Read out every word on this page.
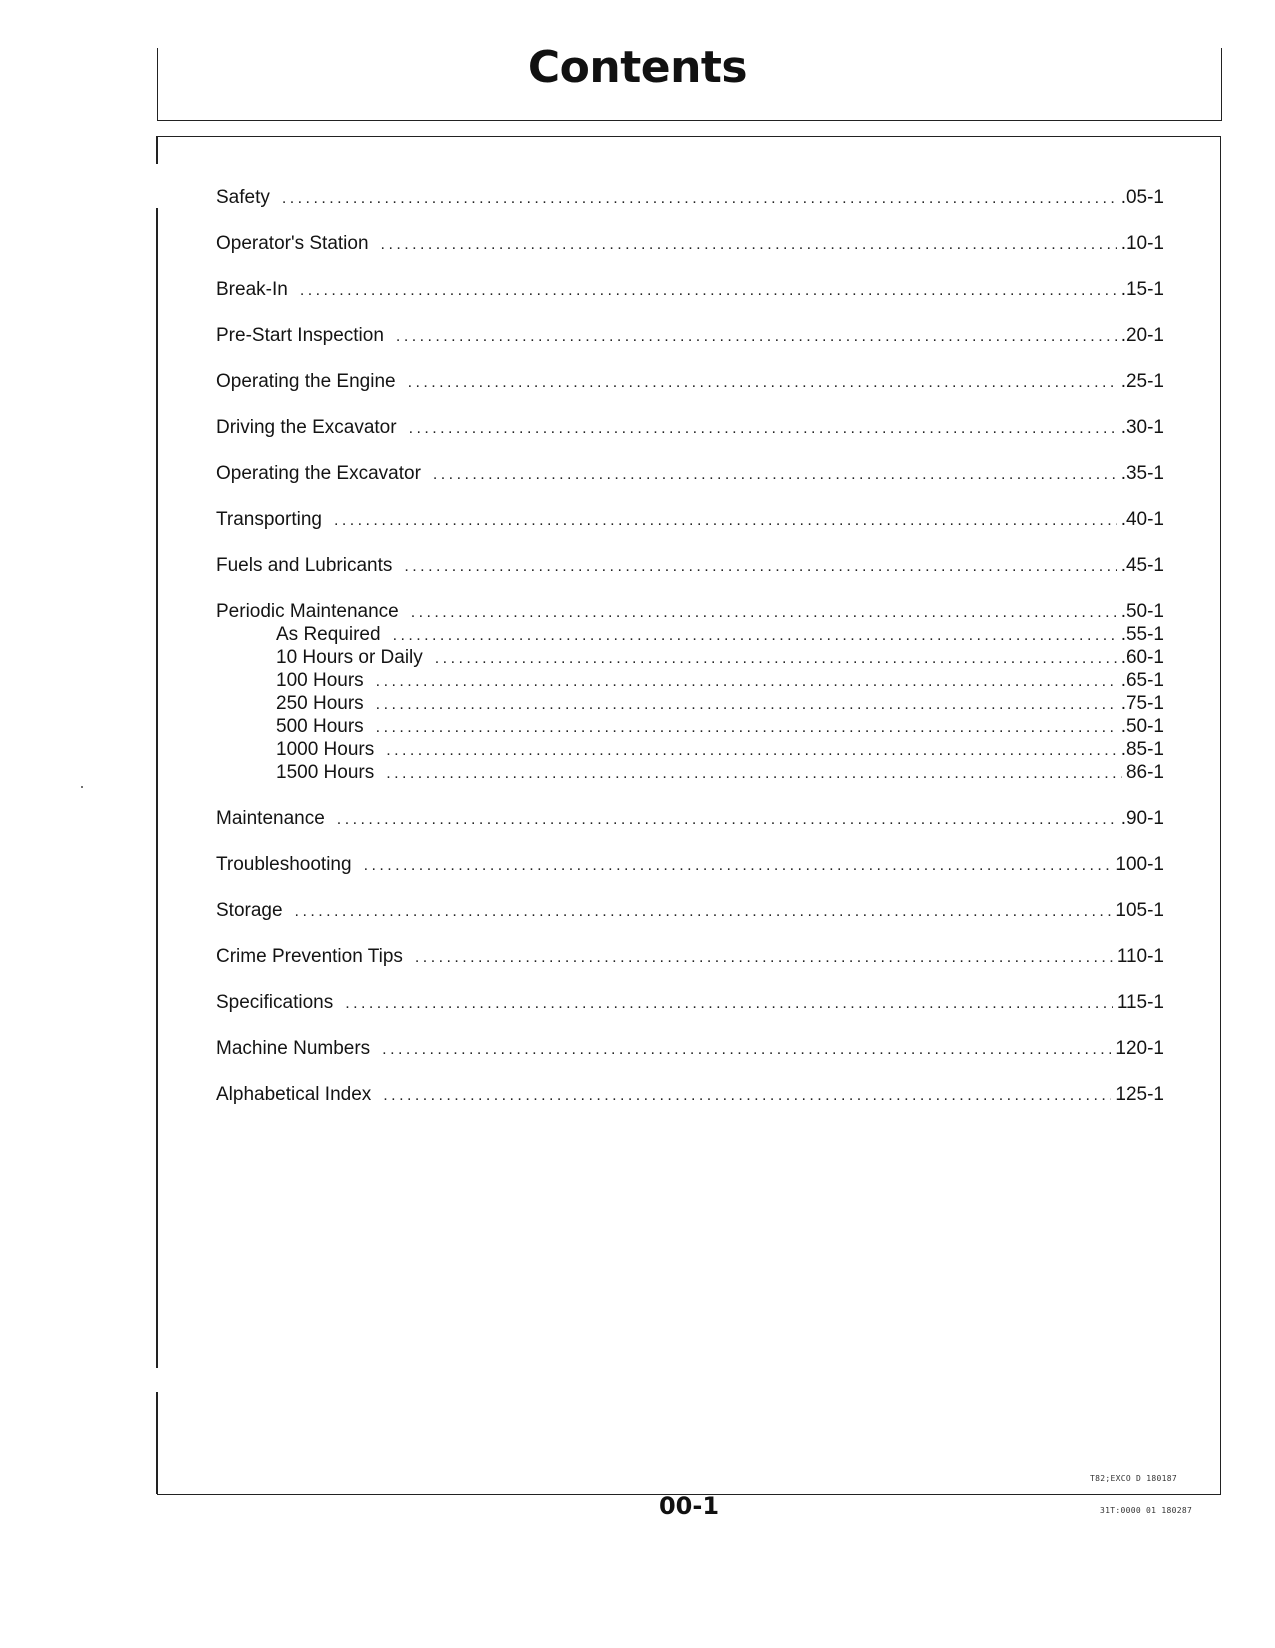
Contents
Safety . . .	.05-1
Operator's Station . . .	.10-1
Break-In . . .	.15-1
Pre-Start Inspection . . .	.20-1
Operating the Engine . . .	.25-1
Driving the Excavator . . .	.30-1
Operating the Excavator . . .	.35-1
Transporting . . .	.40-1
Fuels and Lubricants . . .	.45-1
Periodic Maintenance . . .	.50-1
As Required . . .	.55-1
10 Hours or Daily . . .	.60-1
100 Hours . . .	.65-1
250 Hours . . .	.75-1
500 Hours . . .	.50-1
1000 Hours . . .	.85-1
1500 Hours . . .	86-1
Maintenance . . .	.90-1
Troubleshooting . . .	100-1
Storage . . .	105-1
Crime Prevention Tips . . .	110-1
Specifications . . .	115-1
Machine Numbers . . .	120-1
Alphabetical Index . . .	125-1
T82;EXCO D 180187
00-1	31T:0000 01 180287
